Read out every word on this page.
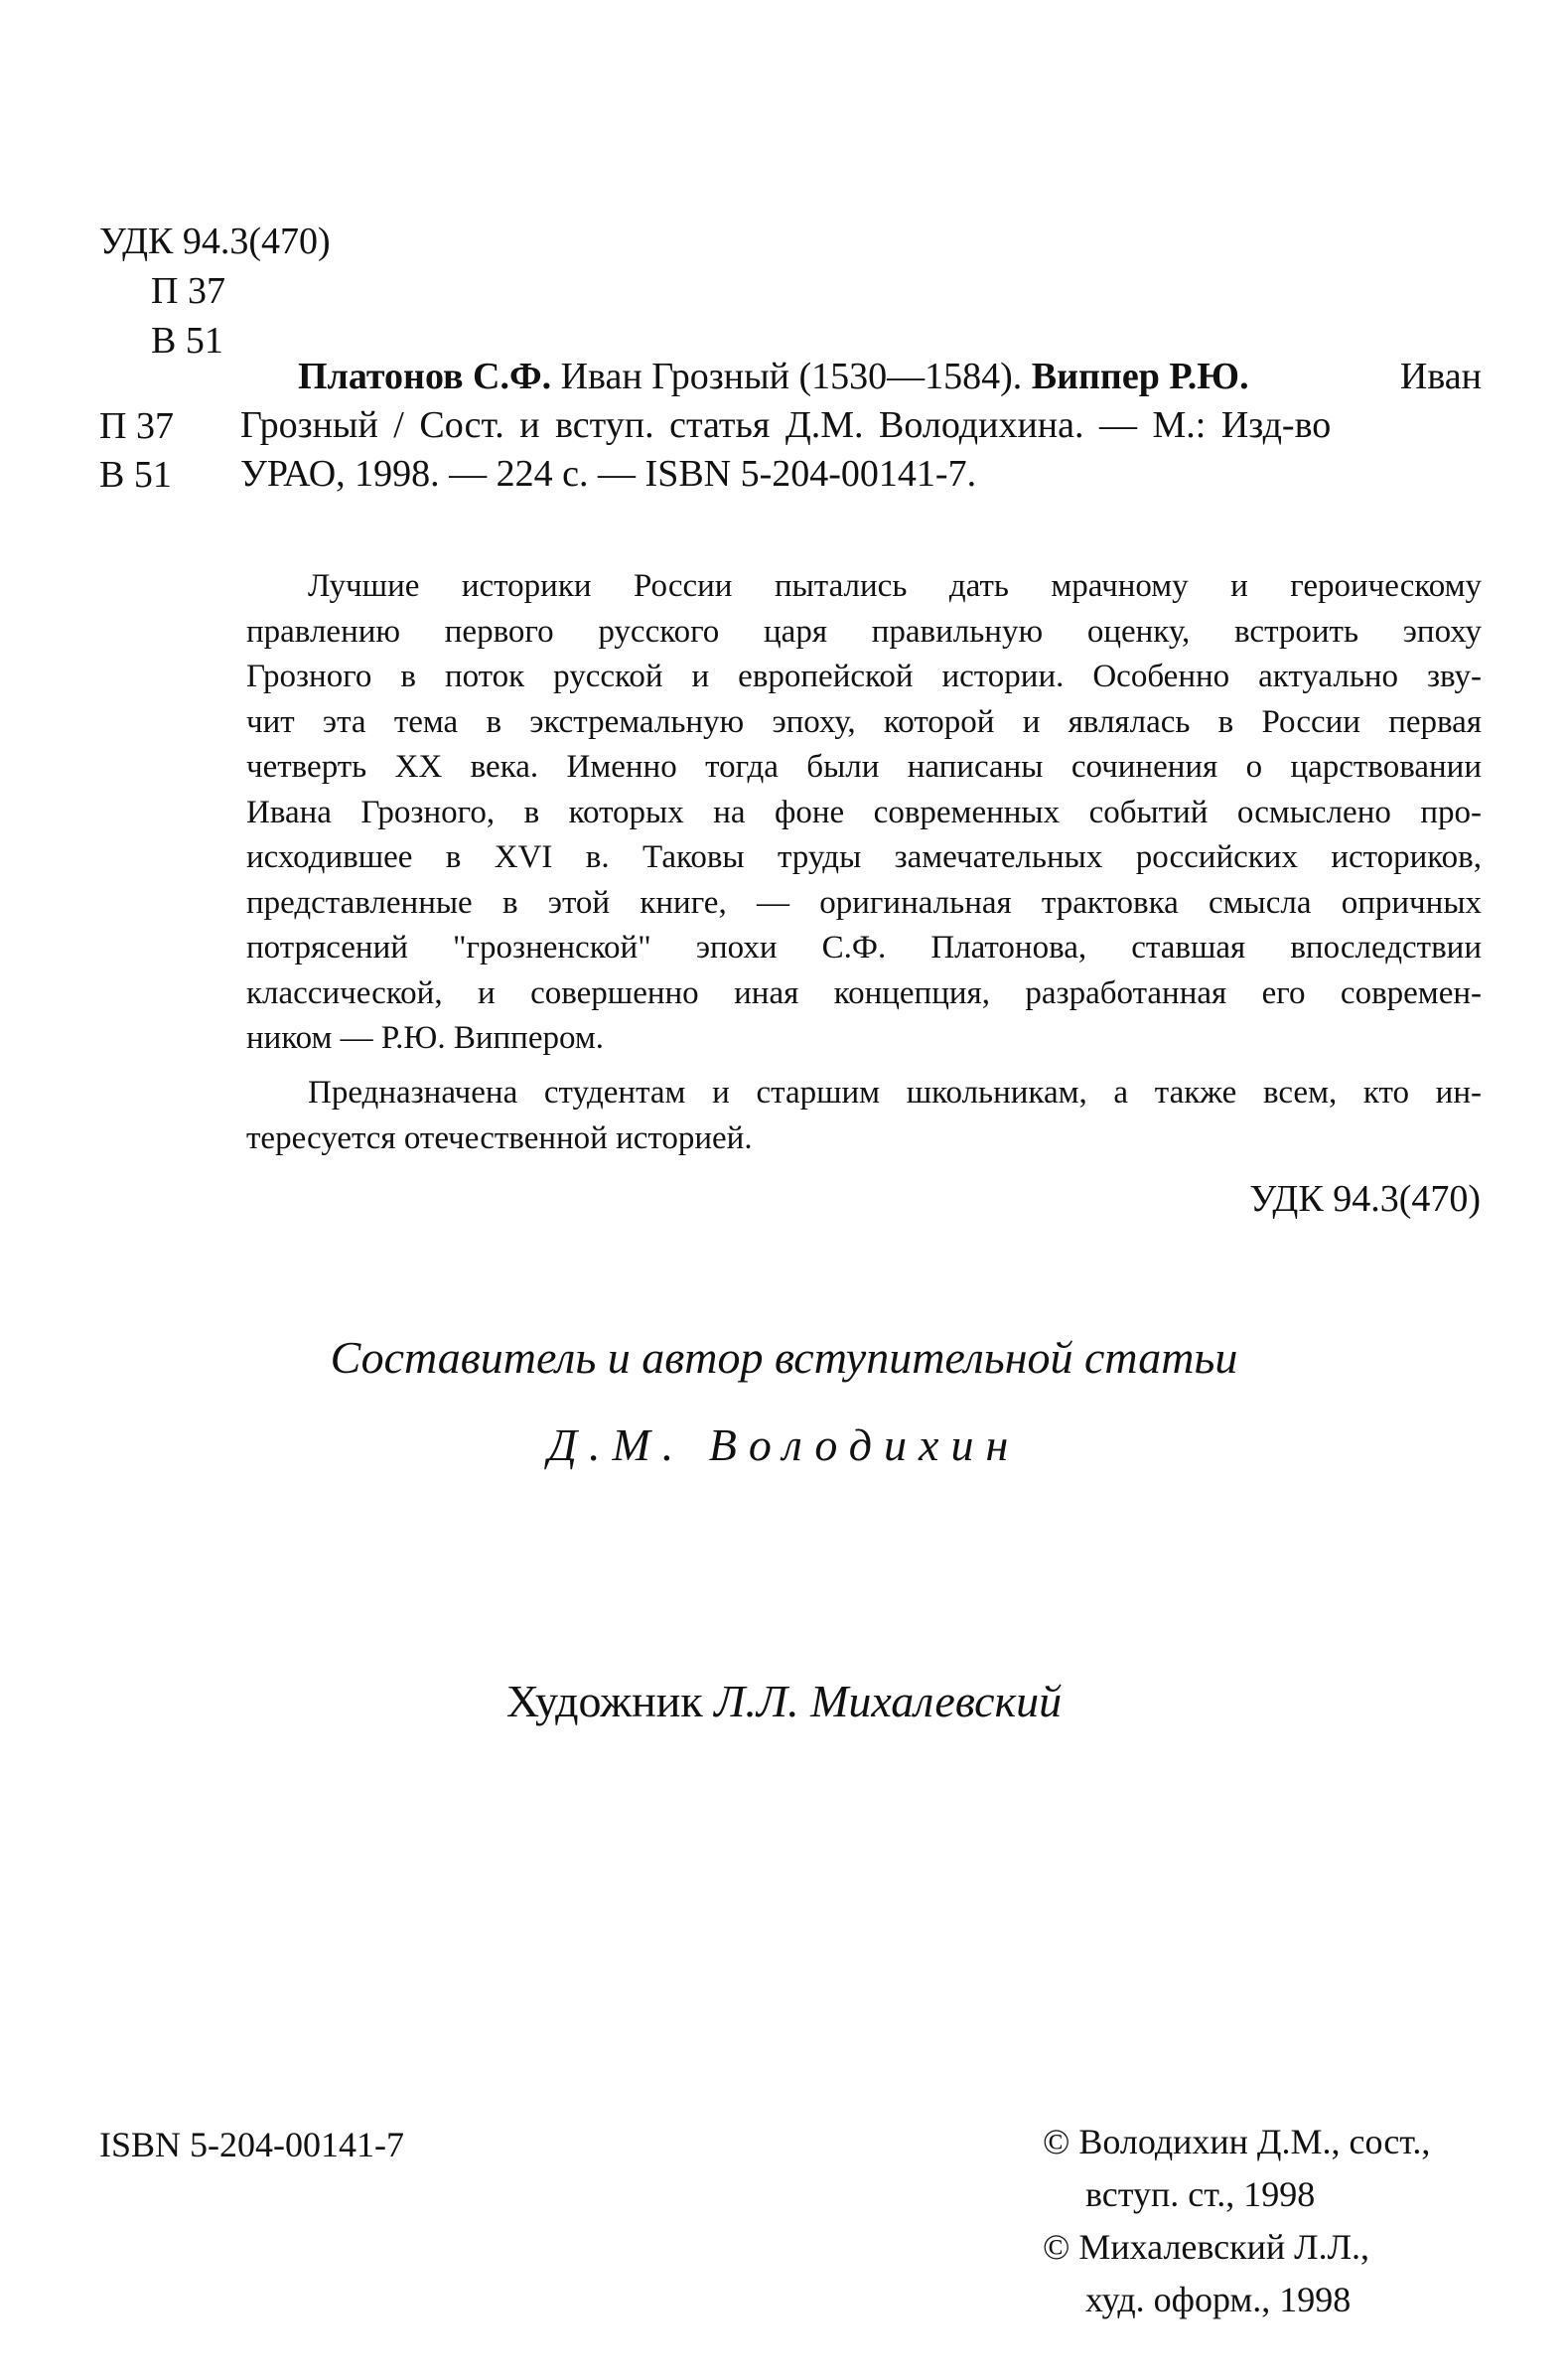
УДК 94.3(470)
П 37
В 51
П 37
В 51
Платонов С.Ф. Иван Грозный (1530—1584). Виппер Р.Ю.	Иван
Грозный / Сост. и вступ. статья Д.М. Володихина. — М.: Изд-во
УРАО, 1998. — 224 с. — ISBN 5-204-00141-7.
Лучшие историки России пытались дать мрачному и героическому
правлению первого русского царя правильную оценку, встроить эпоху
Грозного в поток русской и европейской истории. Особенно актуально зву-
чит эта тема в экстремальную эпоху, которой и являлась в России первая
четверть XX века. Именно тогда были написаны сочинения о царствовании
Ивана Грозного, в которых на фоне современных событий осмыслено про-
исходившее в XVI в. Таковы труды замечательных российских историков,
представленные в этой книге, — оригинальная трактовка смысла опричных
потрясений "грозненской" эпохи С.Ф. Платонова, ставшая впоследствии
классической, и совершенно иная концепция, разработанная его современ-
ником — Р.Ю. Виппером.
Предназначена студентам и старшим школьникам, а также всем, кто ин-
тересуется отечественной историей.
УДК 94.3(470)
Составитель и автор вступительной статьи
Д.М. Володихин
Художник Л.Л. Михалевский
ISBN 5-204-00141-7	© Володихин Д.М., сост.,
вступ. ст., 1998
© Михалевский Л.Л.,
худ. оформ., 1998
